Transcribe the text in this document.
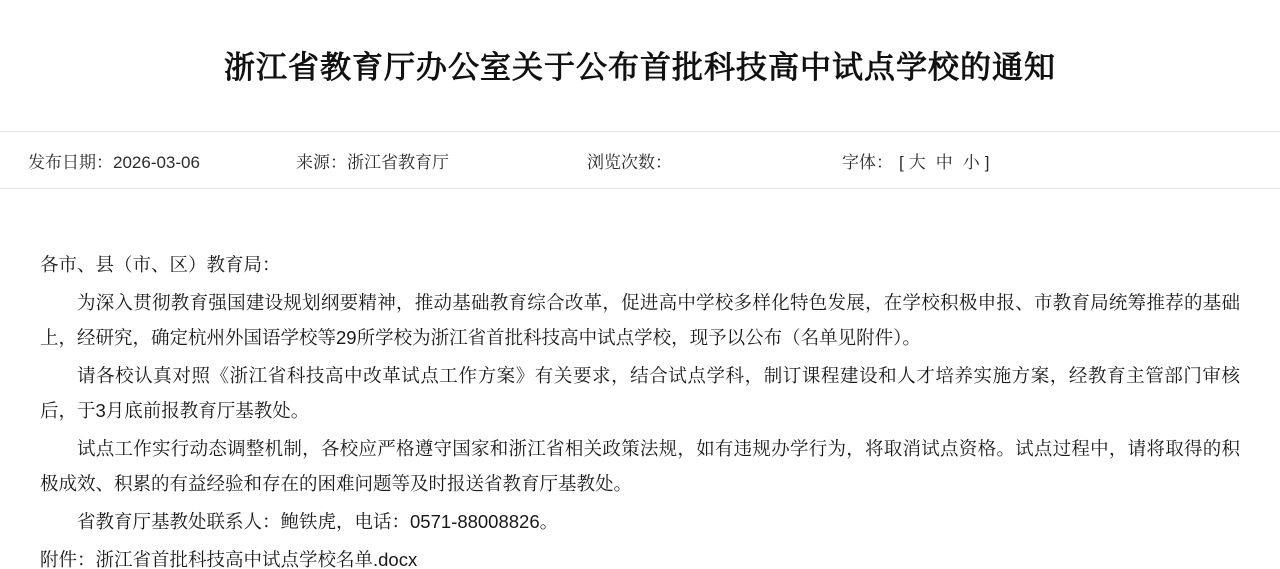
浙江省教育厅办公室关于公布首批科技高中试点学校的通知
发布日期：2026-03-06	来源：浙江省教育厅	浏览次数：	字体： [ 大 中 小 ]

各市、县（市、区）教育局：

为深入贯彻教育强国建设规划纲要精神，推动基础教育综合改革，促进高中学校多样化特色发展，在学校积极申报、市教育局统筹推荐的基础上，经研究，确定杭州外国语学校等29所学校为浙江省首批科技高中试点学校，现予以公布（名单见附件）。

请各校认真对照《浙江省科技高中改革试点工作方案》有关要求，结合试点学科，制订课程建设和人才培养实施方案，经教育主管部门审核后，于3月底前报教育厅基教处。

试点工作实行动态调整机制，各校应严格遵守国家和浙江省相关政策法规，如有违规办学行为，将取消试点资格。试点过程中，请将取得的积极成效、积累的有益经验和存在的困难问题等及时报送省教育厅基教处。

省教育厅基教处联系人：鲍铁虎，电话：0571-88008826。

附件：浙江省首批科技高中试点学校名单.docx
